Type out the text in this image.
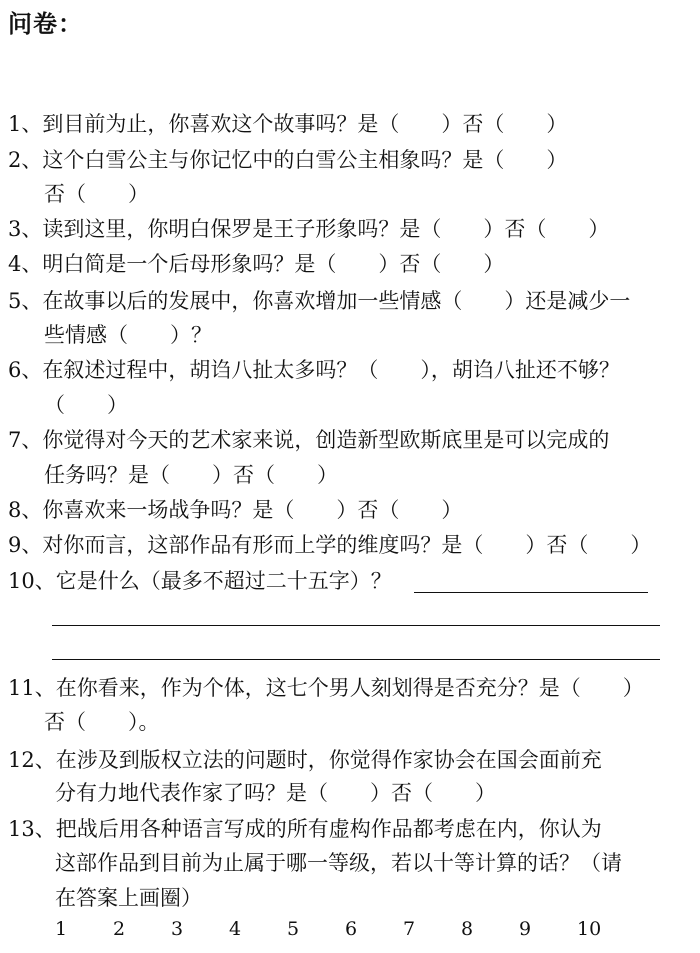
问卷：
1、到目前为止，你喜欢这个故事吗？是（　　）否（　　）
2、这个白雪公主与你记忆中的白雪公主相象吗？是（　　）
否（　　）
3、读到这里，你明白保罗是王子形象吗？是（　　）否（　　）
4、明白简是一个后母形象吗？是（　　）否（　　）
5、在故事以后的发展中，你喜欢增加一些情感（　　）还是减少一
些情感（　　）？
6、在叙述过程中，胡诌八扯太多吗？（　　），胡诌八扯还不够？
（　　）
7、你觉得对今天的艺术家来说，创造新型欧斯底里是可以完成的
任务吗？是（　　）否（　　）
8、你喜欢来一场战争吗？是（　　）否（　　）
9、对你而言，这部作品有形而上学的维度吗？是（　　）否（　　）
10、它是什么（最多不超过二十五字）？
11、在你看来，作为个体，这七个男人刻划得是否充分？是（　　）
否（　　）。
12、在涉及到版权立法的问题时，你觉得作家协会在国会面前充
分有力地代表作家了吗？是（　　）否（　　）
13、把战后用各种语言写成的所有虚构作品都考虑在内，你认为
这部作品到目前为止属于哪一等级，若以十等计算的话？（请
在答案上画圈）
1 2 3 4 5 6 7 8 9 10
